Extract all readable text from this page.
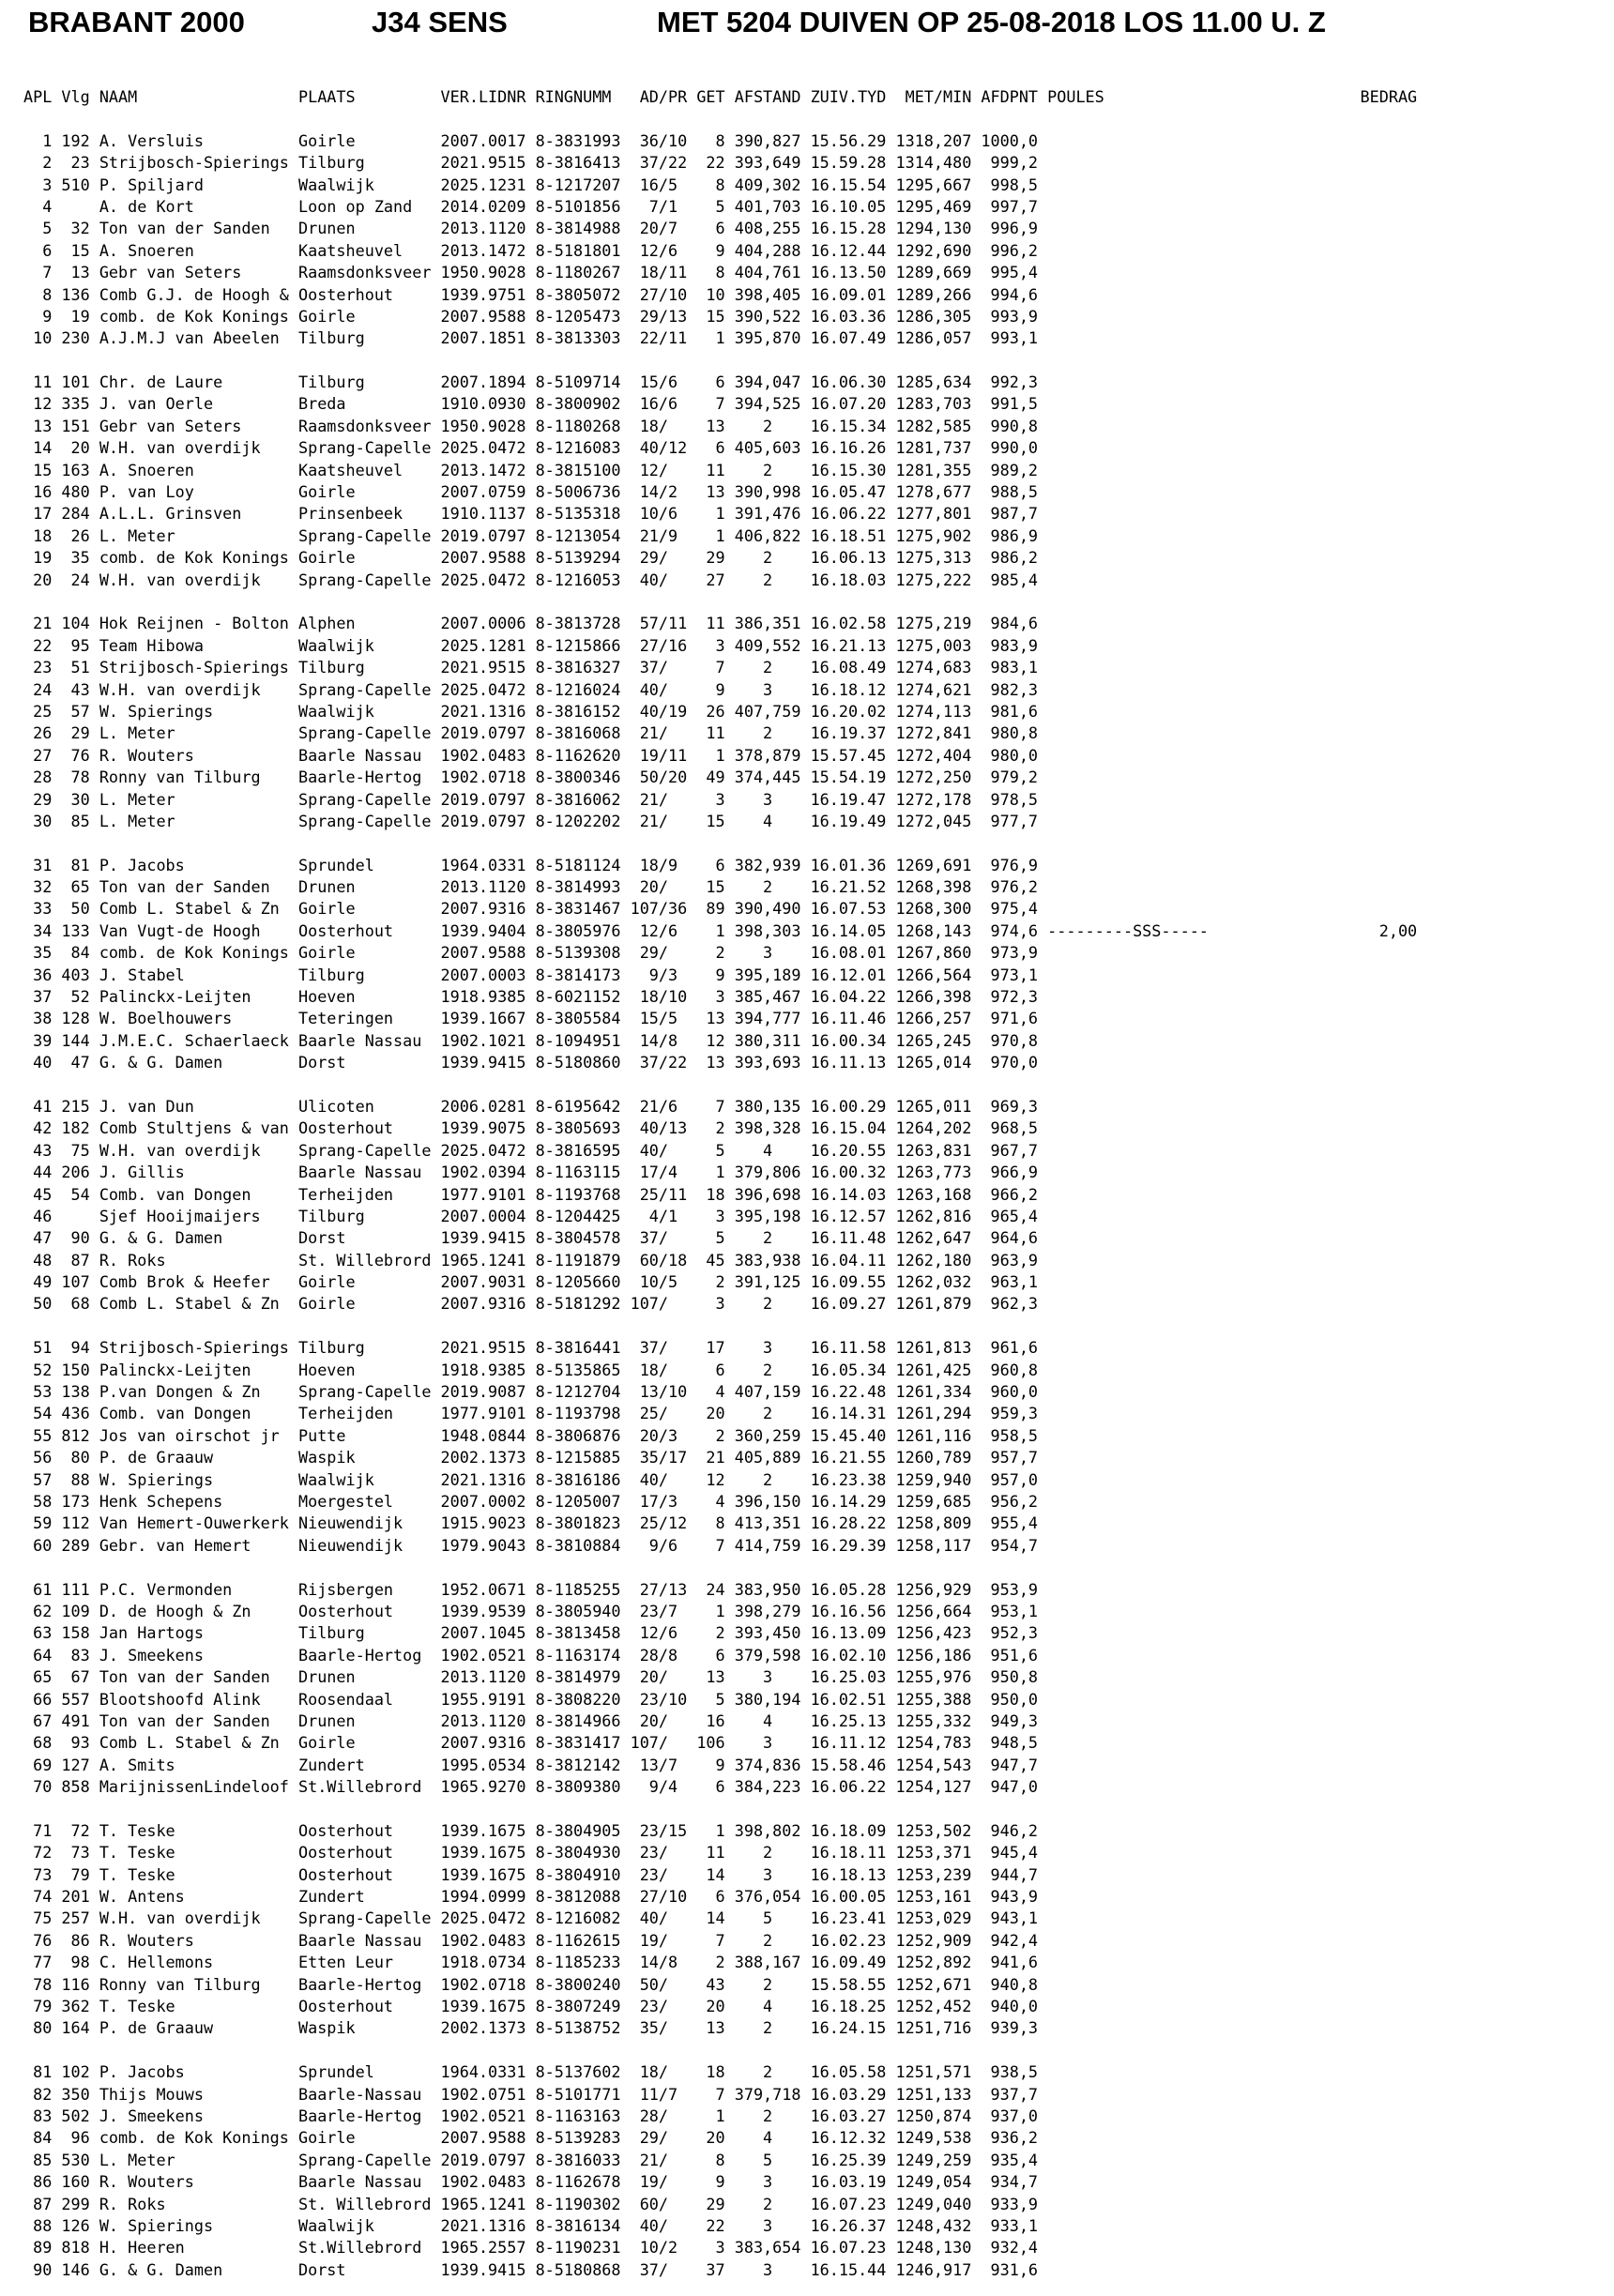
BRABANT 2000	J34 SENS	MET 5204 DUIVEN OP 25-08-2018 LOS 11.00 U. Z
APL Vlg NAAM                 PLAATS         VER.LIDNR RINGNUMM   AD/PR GET AFSTAND ZUIV.TYD  MET/MIN AFDPNT POULES                           BEDRAG
1 192 A. Versluis          Goirle         2007.0017 8-3831993  36/10   8 390,827 15.56.29 1318,207 1000,0
2  23 Strijbosch-Spierings Tilburg        2021.9515 8-3816413  37/22  22 393,649 15.59.28 1314,480  999,2
3 510 P. Spiljard          Waalwijk       2025.1231 8-1217207  16/5    8 409,302 16.15.54 1295,667  998,5
4     A. de Kort           Loon op Zand   2014.0209 8-5101856   7/1    5 401,703 16.10.05 1295,469  997,7
5  32 Ton van der Sanden   Drunen         2013.1120 8-3814988  20/7    6 408,255 16.15.28 1294,130  996,9
6  15 A. Snoeren           Kaatsheuvel    2013.1472 8-5181801  12/6    9 404,288 16.12.44 1292,690  996,2
7  13 Gebr van Seters      Raamsdonksveer 1950.9028 8-1180267  18/11   8 404,761 16.13.50 1289,669  995,4
8 136 Comb G.J. de Hoogh & Oosterhout     1939.9751 8-3805072  27/10  10 398,405 16.09.01 1289,266  994,6
9  19 comb. de Kok Konings Goirle         2007.9588 8-1205473  29/13  15 390,522 16.03.36 1286,305  993,9
10 230 A.J.M.J van Abeelen  Tilburg        2007.1851 8-3813303  22/11   1 395,870 16.07.49 1286,057  993,1
11 101 Chr. de Laure        Tilburg        2007.1894 8-5109714  15/6    6 394,047 16.06.30 1285,634  992,3
12 335 J. van Oerle         Breda          1910.0930 8-3800902  16/6    7 394,525 16.07.20 1283,703  991,5
13 151 Gebr van Seters      Raamsdonksveer 1950.9028 8-1180268  18/    13    2    16.15.34 1282,585  990,8
14  20 W.H. van overdijk    Sprang-Capelle 2025.0472 8-1216083  40/12   6 405,603 16.16.26 1281,737  990,0
15 163 A. Snoeren           Kaatsheuvel    2013.1472 8-3815100  12/    11    2    16.15.30 1281,355  989,2
16 480 P. van Loy           Goirle         2007.0759 8-5006736  14/2   13 390,998 16.05.47 1278,677  988,5
17 284 A.L.L. Grinsven      Prinsenbeek    1910.1137 8-5135318  10/6    1 391,476 16.06.22 1277,801  987,7
18  26 L. Meter             Sprang-Capelle 2019.0797 8-1213054  21/9    1 406,822 16.18.51 1275,902  986,9
19  35 comb. de Kok Konings Goirle         2007.9588 8-5139294  29/    29    2    16.06.13 1275,313  986,2
20  24 W.H. van overdijk    Sprang-Capelle 2025.0472 8-1216053  40/    27    2    16.18.03 1275,222  985,4
21 104 Hok Reijnen - Bolton Alphen         2007.0006 8-3813728  57/11  11 386,351 16.02.58 1275,219  984,6
22  95 Team Hibowa          Waalwijk       2025.1281 8-1215866  27/16   3 409,552 16.21.13 1275,003  983,9
23  51 Strijbosch-Spierings Tilburg        2021.9515 8-3816327  37/     7    2    16.08.49 1274,683  983,1
24  43 W.H. van overdijk    Sprang-Capelle 2025.0472 8-1216024  40/     9    3    16.18.12 1274,621  982,3
25  57 W. Spierings         Waalwijk       2021.1316 8-3816152  40/19  26 407,759 16.20.02 1274,113  981,6
26  29 L. Meter             Sprang-Capelle 2019.0797 8-3816068  21/    11    2    16.19.37 1272,841  980,8
27  76 R. Wouters           Baarle Nassau  1902.0483 8-1162620  19/11   1 378,879 15.57.45 1272,404  980,0
28  78 Ronny van Tilburg    Baarle-Hertog  1902.0718 8-3800346  50/20  49 374,445 15.54.19 1272,250  979,2
29  30 L. Meter             Sprang-Capelle 2019.0797 8-3816062  21/     3    3    16.19.47 1272,178  978,5
30  85 L. Meter             Sprang-Capelle 2019.0797 8-1202202  21/    15    4    16.19.49 1272,045  977,7
31  81 P. Jacobs            Sprundel       1964.0331 8-5181124  18/9    6 382,939 16.01.36 1269,691  976,9
32  65 Ton van der Sanden   Drunen         2013.1120 8-3814993  20/    15    2    16.21.52 1268,398  976,2
33  50 Comb L. Stabel & Zn  Goirle         2007.9316 8-3831467 107/36  89 390,490 16.07.53 1268,300  975,4
34 133 Van Vugt-de Hoogh    Oosterhout     1939.9404 8-3805976  12/6    1 398,303 16.14.05 1268,143  974,6 ---------SSS-----                  2,00
35  84 comb. de Kok Konings Goirle         2007.9588 8-5139308  29/     2    3    16.08.01 1267,860  973,9
36 403 J. Stabel            Tilburg        2007.0003 8-3814173   9/3    9 395,189 16.12.01 1266,564  973,1
37  52 Palinckx-Leijten     Hoeven         1918.9385 8-6021152  18/10   3 385,467 16.04.22 1266,398  972,3
38 128 W. Boelhouwers       Teteringen     1939.1667 8-3805584  15/5   13 394,777 16.11.46 1266,257  971,6
39 144 J.M.E.C. Schaerlaeck Baarle Nassau  1902.1021 8-1094951  14/8   12 380,311 16.00.34 1265,245  970,8
40  47 G. & G. Damen        Dorst          1939.9415 8-5180860  37/22  13 393,693 16.11.13 1265,014  970,0
41 215 J. van Dun           Ulicoten       2006.0281 8-6195642  21/6    7 380,135 16.00.29 1265,011  969,3
42 182 Comb Stultjens & van Oosterhout     1939.9075 8-3805693  40/13   2 398,328 16.15.04 1264,202  968,5
43  75 W.H. van overdijk    Sprang-Capelle 2025.0472 8-3816595  40/     5    4    16.20.55 1263,831  967,7
44 206 J. Gillis            Baarle Nassau  1902.0394 8-1163115  17/4    1 379,806 16.00.32 1263,773  966,9
45  54 Comb. van Dongen     Terheijden     1977.9101 8-1193768  25/11  18 396,698 16.14.03 1263,168  966,2
46     Sjef Hooijmaijers    Tilburg        2007.0004 8-1204425   4/1    3 395,198 16.12.57 1262,816  965,4
47  90 G. & G. Damen        Dorst          1939.9415 8-3804578  37/     5    2    16.11.48 1262,647  964,6
48  87 R. Roks              St. Willebrord 1965.1241 8-1191879  60/18  45 383,938 16.04.11 1262,180  963,9
49 107 Comb Brok & Heefer   Goirle         2007.9031 8-1205660  10/5    2 391,125 16.09.55 1262,032  963,1
50  68 Comb L. Stabel & Zn  Goirle         2007.9316 8-5181292 107/     3    2    16.09.27 1261,879  962,3
51  94 Strijbosch-Spierings Tilburg        2021.9515 8-3816441  37/    17    3    16.11.58 1261,813  961,6
52 150 Palinckx-Leijten     Hoeven         1918.9385 8-5135865  18/     6    2    16.05.34 1261,425  960,8
53 138 P.van Dongen & Zn    Sprang-Capelle 2019.9087 8-1212704  13/10   4 407,159 16.22.48 1261,334  960,0
54 436 Comb. van Dongen     Terheijden     1977.9101 8-1193798  25/    20    2    16.14.31 1261,294  959,3
55 812 Jos van oirschot jr  Putte          1948.0844 8-3806876  20/3    2 360,259 15.45.40 1261,116  958,5
56  80 P. de Graauw         Waspik         2002.1373 8-1215885  35/17  21 405,889 16.21.55 1260,789  957,7
57  88 W. Spierings         Waalwijk       2021.1316 8-3816186  40/    12    2    16.23.38 1259,940  957,0
58 173 Henk Schepens        Moergestel     2007.0002 8-1205007  17/3    4 396,150 16.14.29 1259,685  956,2
59 112 Van Hemert-Ouwerkerk Nieuwendijk    1915.9023 8-3801823  25/12   8 413,351 16.28.22 1258,809  955,4
60 289 Gebr. van Hemert     Nieuwendijk    1979.9043 8-3810884   9/6    7 414,759 16.29.39 1258,117  954,7
61 111 P.C. Vermonden       Rijsbergen     1952.0671 8-1185255  27/13  24 383,950 16.05.28 1256,929  953,9
62 109 D. de Hoogh & Zn     Oosterhout     1939.9539 8-3805940  23/7    1 398,279 16.16.56 1256,664  953,1
63 158 Jan Hartogs          Tilburg        2007.1045 8-3813458  12/6    2 393,450 16.13.09 1256,423  952,3
64  83 J. Smeekens          Baarle-Hertog  1902.0521 8-1163174  28/8    6 379,598 16.02.10 1256,186  951,6
65  67 Ton van der Sanden   Drunen         2013.1120 8-3814979  20/    13    3    16.25.03 1255,976  950,8
66 557 Blootshoofd Alink    Roosendaal     1955.9191 8-3808220  23/10   5 380,194 16.02.51 1255,388  950,0
67 491 Ton van der Sanden   Drunen         2013.1120 8-3814966  20/    16    4    16.25.13 1255,332  949,3
68  93 Comb L. Stabel & Zn  Goirle         2007.9316 8-3831417 107/   106    3    16.11.12 1254,783  948,5
69 127 A. Smits             Zundert        1995.0534 8-3812142  13/7    9 374,836 15.58.46 1254,543  947,7
70 858 MarijnissenLindeloof St.Willebrord  1965.9270 8-3809380   9/4    6 384,223 16.06.22 1254,127  947,0
71  72 T. Teske             Oosterhout     1939.1675 8-3804905  23/15   1 398,802 16.18.09 1253,502  946,2
72  73 T. Teske             Oosterhout     1939.1675 8-3804930  23/    11    2    16.18.11 1253,371  945,4
73  79 T. Teske             Oosterhout     1939.1675 8-3804910  23/    14    3    16.18.13 1253,239  944,7
74 201 W. Antens            Zundert        1994.0999 8-3812088  27/10   6 376,054 16.00.05 1253,161  943,9
75 257 W.H. van overdijk    Sprang-Capelle 2025.0472 8-1216082  40/    14    5    16.23.41 1253,029  943,1
76  86 R. Wouters           Baarle Nassau  1902.0483 8-1162615  19/     7    2    16.02.23 1252,909  942,4
77  98 C. Hellemons         Etten Leur     1918.0734 8-1185233  14/8    2 388,167 16.09.49 1252,892  941,6
78 116 Ronny van Tilburg    Baarle-Hertog  1902.0718 8-3800240  50/    43    2    15.58.55 1252,671  940,8
79 362 T. Teske             Oosterhout     1939.1675 8-3807249  23/    20    4    16.18.25 1252,452  940,0
80 164 P. de Graauw         Waspik         2002.1373 8-5138752  35/    13    2    16.24.15 1251,716  939,3
81 102 P. Jacobs            Sprundel       1964.0331 8-5137602  18/    18    2    16.05.58 1251,571  938,5
82 350 Thijs Mouws          Baarle-Nassau  1902.0751 8-5101771  11/7    7 379,718 16.03.29 1251,133  937,7
83 502 J. Smeekens          Baarle-Hertog  1902.0521 8-1163163  28/     1    2    16.03.27 1250,874  937,0
84  96 comb. de Kok Konings Goirle         2007.9588 8-5139283  29/    20    4    16.12.32 1249,538  936,2
85 530 L. Meter             Sprang-Capelle 2019.0797 8-3816033  21/     8    5    16.25.39 1249,259  935,4
86 160 R. Wouters           Baarle Nassau  1902.0483 8-1162678  19/     9    3    16.03.19 1249,054  934,7
87 299 R. Roks              St. Willebrord 1965.1241 8-1190302  60/    29    2    16.07.23 1249,040  933,9
88 126 W. Spierings         Waalwijk       2021.1316 8-3816134  40/    22    3    16.26.37 1248,432  933,1
89 818 H. Heeren            St.Willebrord  1965.2557 8-1190231  10/2    3 383,654 16.07.23 1248,130  932,4
90 146 G. & G. Damen        Dorst          1939.9415 8-5180868  37/    37    3    16.15.44 1246,917  931,6
